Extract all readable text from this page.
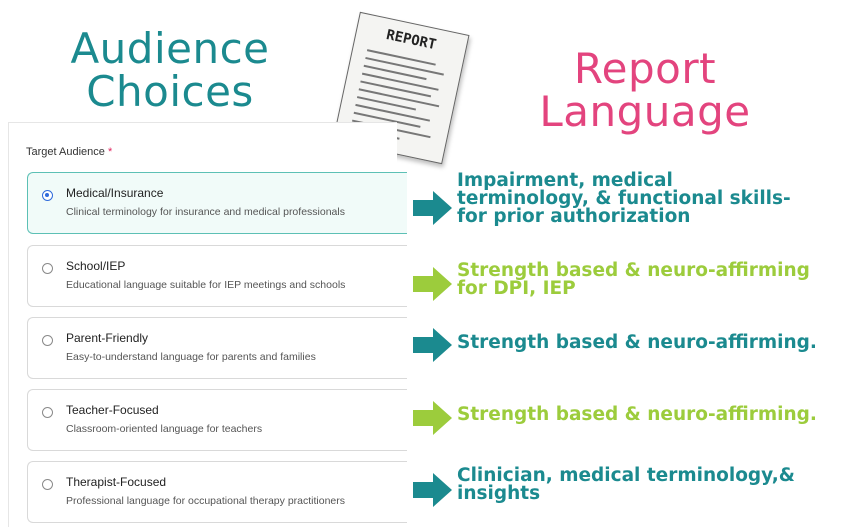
Audience
Choices	Report
Language
REPORT
Target Audience *
Medical/Insurance
Clinical terminology for insurance and medical professionals
School/IEP
Educational language suitable for IEP meetings and schools
Parent-Friendly
Easy-to-understand language for parents and families
Teacher-Focused
Classroom-oriented language for teachers
Therapist-Focused
Professional language for occupational therapy practitioners
Impairment, medical
terminology, & functional skills-
for prior authorization
Strength based & neuro-affirming
for DPI, IEP
Strength based & neuro-affirming.
Strength based & neuro-affirming.
Clinician, medical terminology,&
insights
